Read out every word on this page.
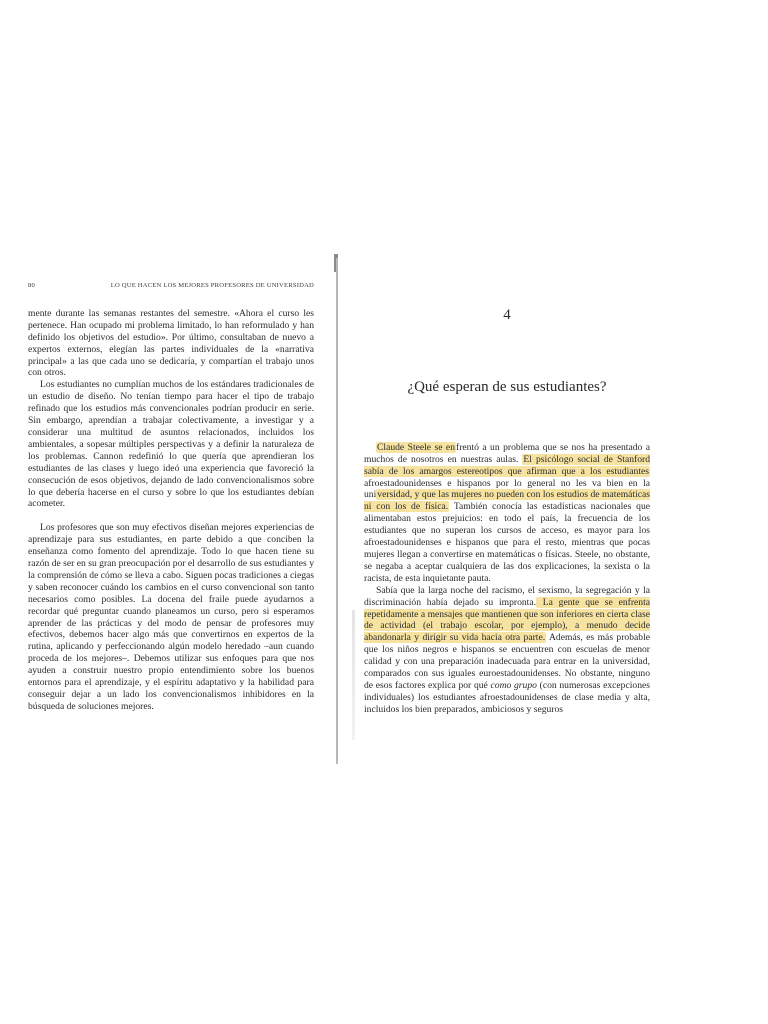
80	LO QUE HACEN LOS MEJORES PROFESORES DE UNIVERSIDAD

mente durante las semanas restantes del semestre. «Ahora el curso les pertenece. Han ocupado mi problema limitado, lo han reformulado y han definido los objetivos del estudio». Por último, consultaban de nuevo a expertos externos, elegían las partes individuales de la «narrativa principal» a las que cada uno se dedicaría, y compartían el trabajo unos con otros.

Los estudiantes no cumplían muchos de los estándares tradicionales de un estudio de diseño. No tenían tiempo para hacer el tipo de trabajo refinado que los estudios más convencionales podrían producir en serie. Sin embargo, aprendían a trabajar colectivamente, a investigar y a considerar una multitud de asuntos relacionados, incluidos los ambientales, a sopesar múltiples perspectivas y a definir la naturaleza de los problemas. Cannon redefinió lo que quería que aprendieran los estudiantes de las clases y luego ideó una experiencia que favoreció la consecución de esos objetivos, dejando de lado convencionalismos sobre lo que debería hacerse en el curso y sobre lo que los estudiantes debían acometer.

Los profesores que son muy efectivos diseñan mejores experiencias de aprendizaje para sus estudiantes, en parte debido a que conciben la enseñanza como fomento del aprendizaje. Todo lo que hacen tiene su razón de ser en su gran preocupación por el desarrollo de sus estudiantes y la comprensión de cómo se lleva a cabo. Siguen pocas tradiciones a ciegas y saben reconocer cuándo los cambios en el curso convencional son tanto necesarios como posibles. La docena del fraile puede ayudarnos a recordar qué preguntar cuando planeamos un curso, pero si esperamos aprender de las prácticas y del modo de pensar de profesores muy efectivos, debemos hacer algo más que convertirnos en expertos de la rutina, aplicando y perfeccionando algún modelo heredado –aun cuando proceda de los mejores–. Debemos utilizar sus enfoques para que nos ayuden a construir nuestro propio entendimiento sobre los buenos entornos para el aprendizaje, y el espíritu adaptativo y la habilidad para conseguir dejar a un lado los convencionalismos inhibidores en la búsqueda de soluciones mejores.

4
¿Qué esperan de sus estudiantes?

Claude Steele se enfrentó a un problema que se nos ha presentado a muchos de nosotros en nuestras aulas. El psicólogo social de Stanford sabía de los amargos estereotipos que afirman que a los estudiantes afroestadounidenses e hispanos por lo general no les va bien en la universidad, y que las mujeres no pueden con los estudios de matemáticas ni con los de física. También conocía las estadísticas nacionales que alimentaban estos prejuicios: en todo el país, la frecuencia de los estudiantes que no superan los cursos de acceso, es mayor para los afroestadounidenses e hispanos que para el resto, mientras que pocas mujeres llegan a convertirse en matemáticas o físicas. Steele, no obstante, se negaba a aceptar cualquiera de las dos explicaciones, la sexista o la racista, de esta inquietante pauta.

Sabía que la larga noche del racismo, el sexismo, la segregación y la discriminación había dejado su impronta. La gente que se enfrenta repetidamente a mensajes que mantienen que son inferiores en cierta clase de actividad (el trabajo escolar, por ejemplo), a menudo decide abandonarla y dirigir su vida hacia otra parte. Además, es más probable que los niños negros e hispanos se encuentren con escuelas de menor calidad y con una preparación inadecuada para entrar en la universidad, comparados con sus iguales euroestadounidenses. No obstante, ninguno de esos factores explica por qué como grupo (con numerosas excepciones individuales) los estudiantes afroestadounidenses de clase media y alta, incluidos los bien preparados, ambiciosos y seguros
